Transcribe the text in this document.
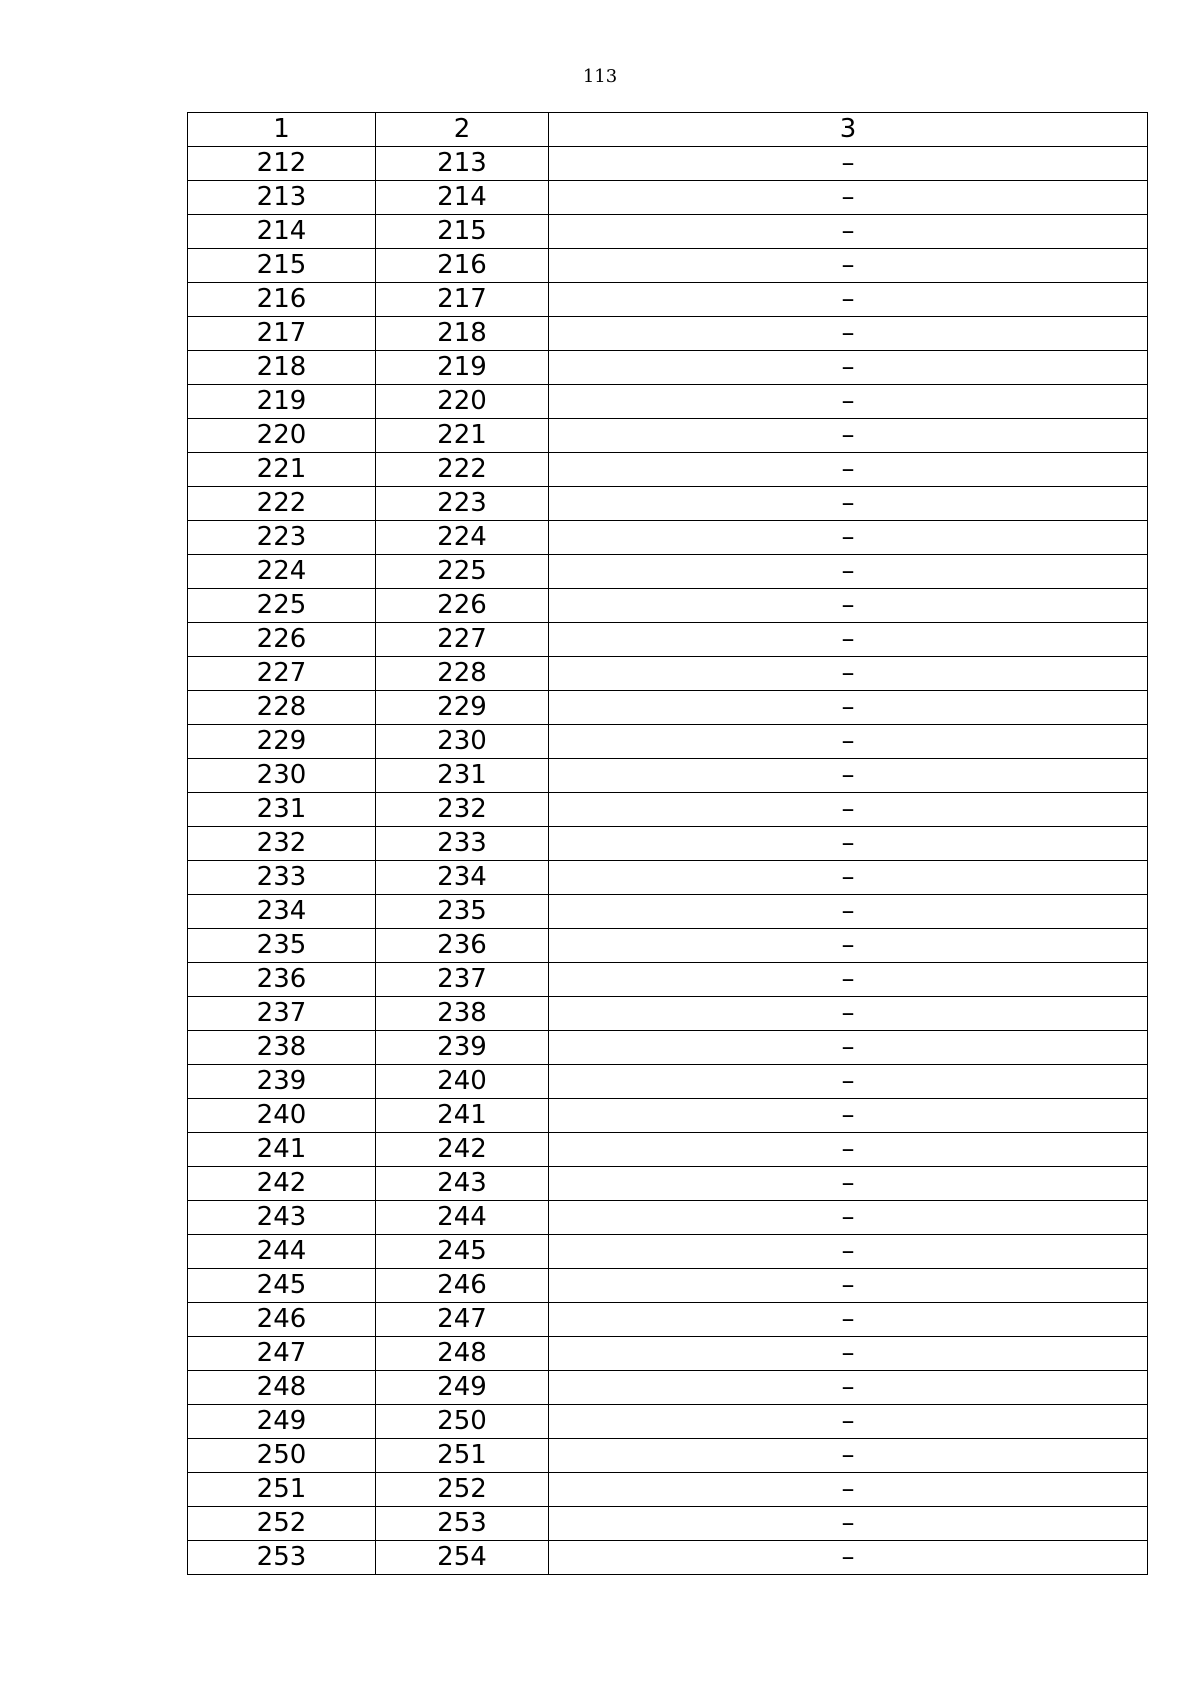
113
1	2	3
212	213	–
213	214	–
214	215	–
215	216	–
216	217	–
217	218	–
218	219	–
219	220	–
220	221	–
221	222	–
222	223	–
223	224	–
224	225	–
225	226	–
226	227	–
227	228	–
228	229	–
229	230	–
230	231	–
231	232	–
232	233	–
233	234	–
234	235	–
235	236	–
236	237	–
237	238	–
238	239	–
239	240	–
240	241	–
241	242	–
242	243	–
243	244	–
244	245	–
245	246	–
246	247	–
247	248	–
248	249	–
249	250	–
250	251	–
251	252	–
252	253	–
253	254	–
